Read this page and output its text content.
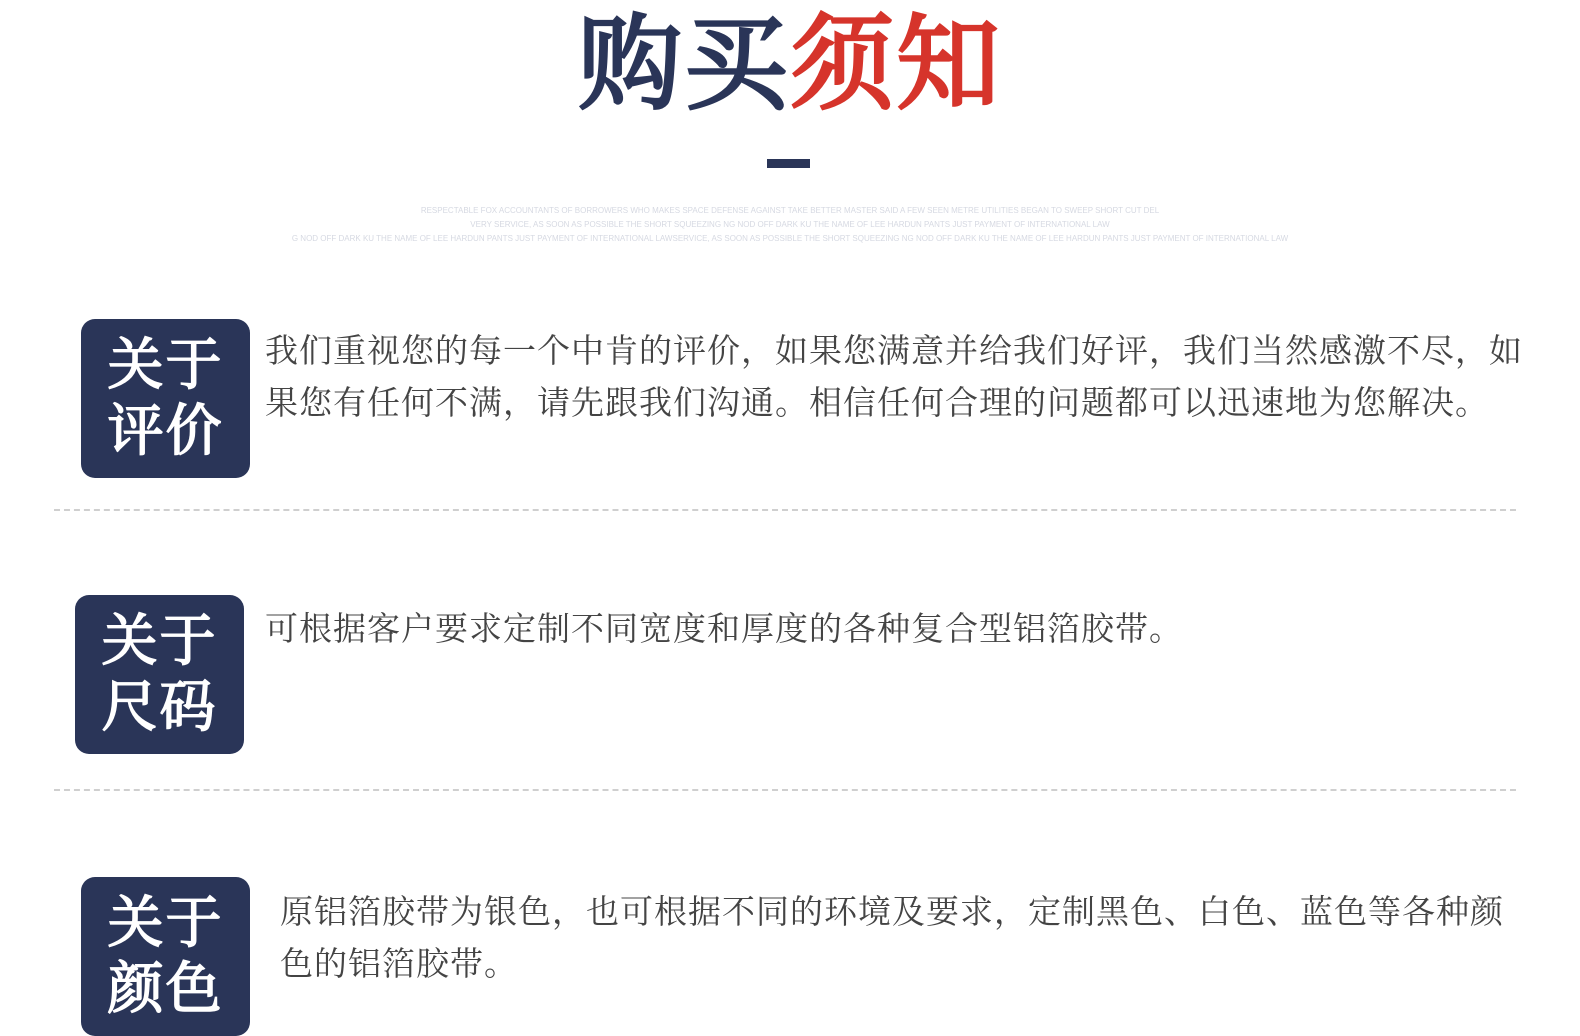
购买须知
RESPECTABLE FOX ACCOUNTANTS OF BORROWERS WHO MAKES SPACE DEFENSE AGAINST TAKE BETTER MASTER SAID A FEW SEEN METRE UTILITIES BEGAN TO SWEEP SHORT CUT DEL
VERY SERVICE, AS SOON AS POSSIBLE THE SHORT SQUEEZING NG NOD OFF DARK KU THE NAME OF LEE HARDUN PANTS JUST PAYMENT OF INTERNATIONAL LAW
G NOD OFF DARK KU THE NAME OF LEE HARDUN PANTS JUST PAYMENT OF INTERNATIONAL LAWSERVICE, AS SOON AS POSSIBLE THE SHORT SQUEEZING NG NOD OFF DARK KU THE NAME OF LEE HARDUN PANTS JUST PAYMENT OF INTERNATIONAL LAW
关于
评价
我们重视您的每一个中肯的评价，如果您满意并给我们好评，我们当然感激不尽，如果您有任何不满，请先跟我们沟通。相信任何合理的问题都可以迅速地为您解决。
关于
尺码
可根据客户要求定制不同宽度和厚度的各种复合型铝箔胶带。
关于
颜色
原铝箔胶带为银色，也可根据不同的环境及要求，定制黑色、白色、蓝色等各种颜色的铝箔胶带。
